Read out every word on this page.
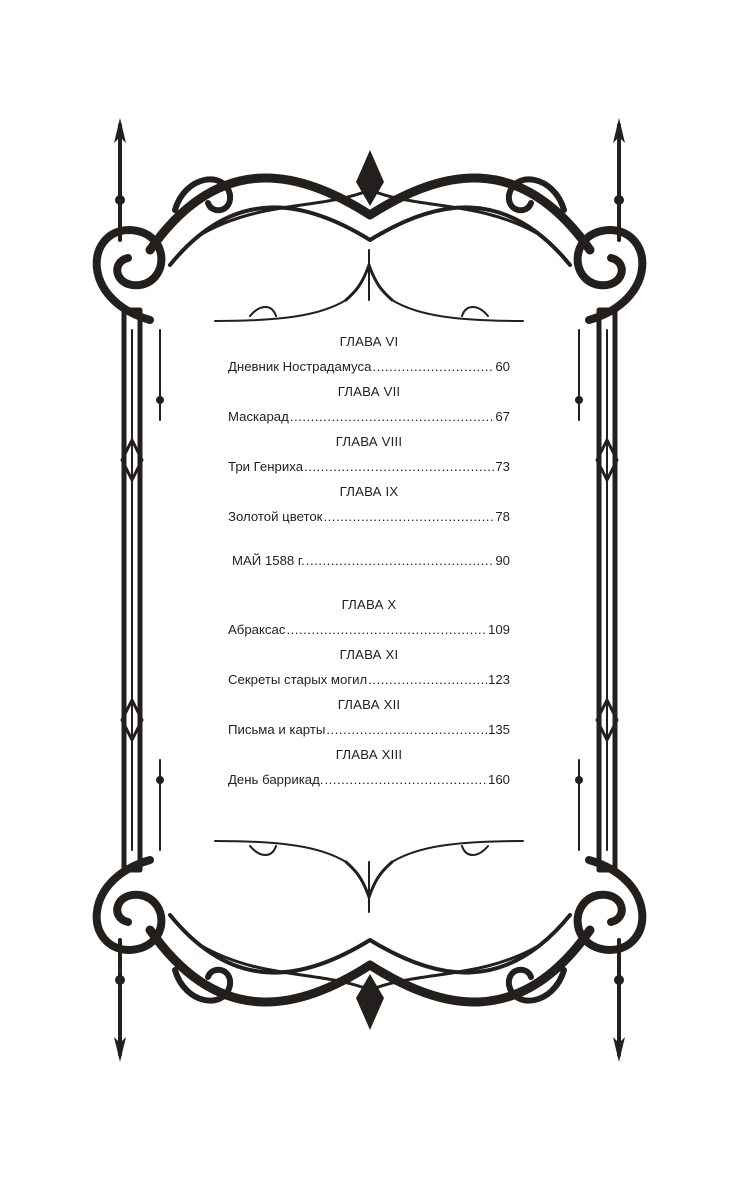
ГЛАВА VI
Дневник Нострадамуса .....	60
ГЛАВА VII
Маскарад .....	67
ГЛАВА VIII
Три Генриха .....	73
ГЛАВА IX
Золотой цветок .....	78
МАЙ 1588 г. .....	90
ГЛАВА X
Абраксас .....	109
ГЛАВА XI
Секреты старых могил .....	123
ГЛАВА XII
Письма и карты .....	135
ГЛАВА XIII
День баррикад. .....	160
